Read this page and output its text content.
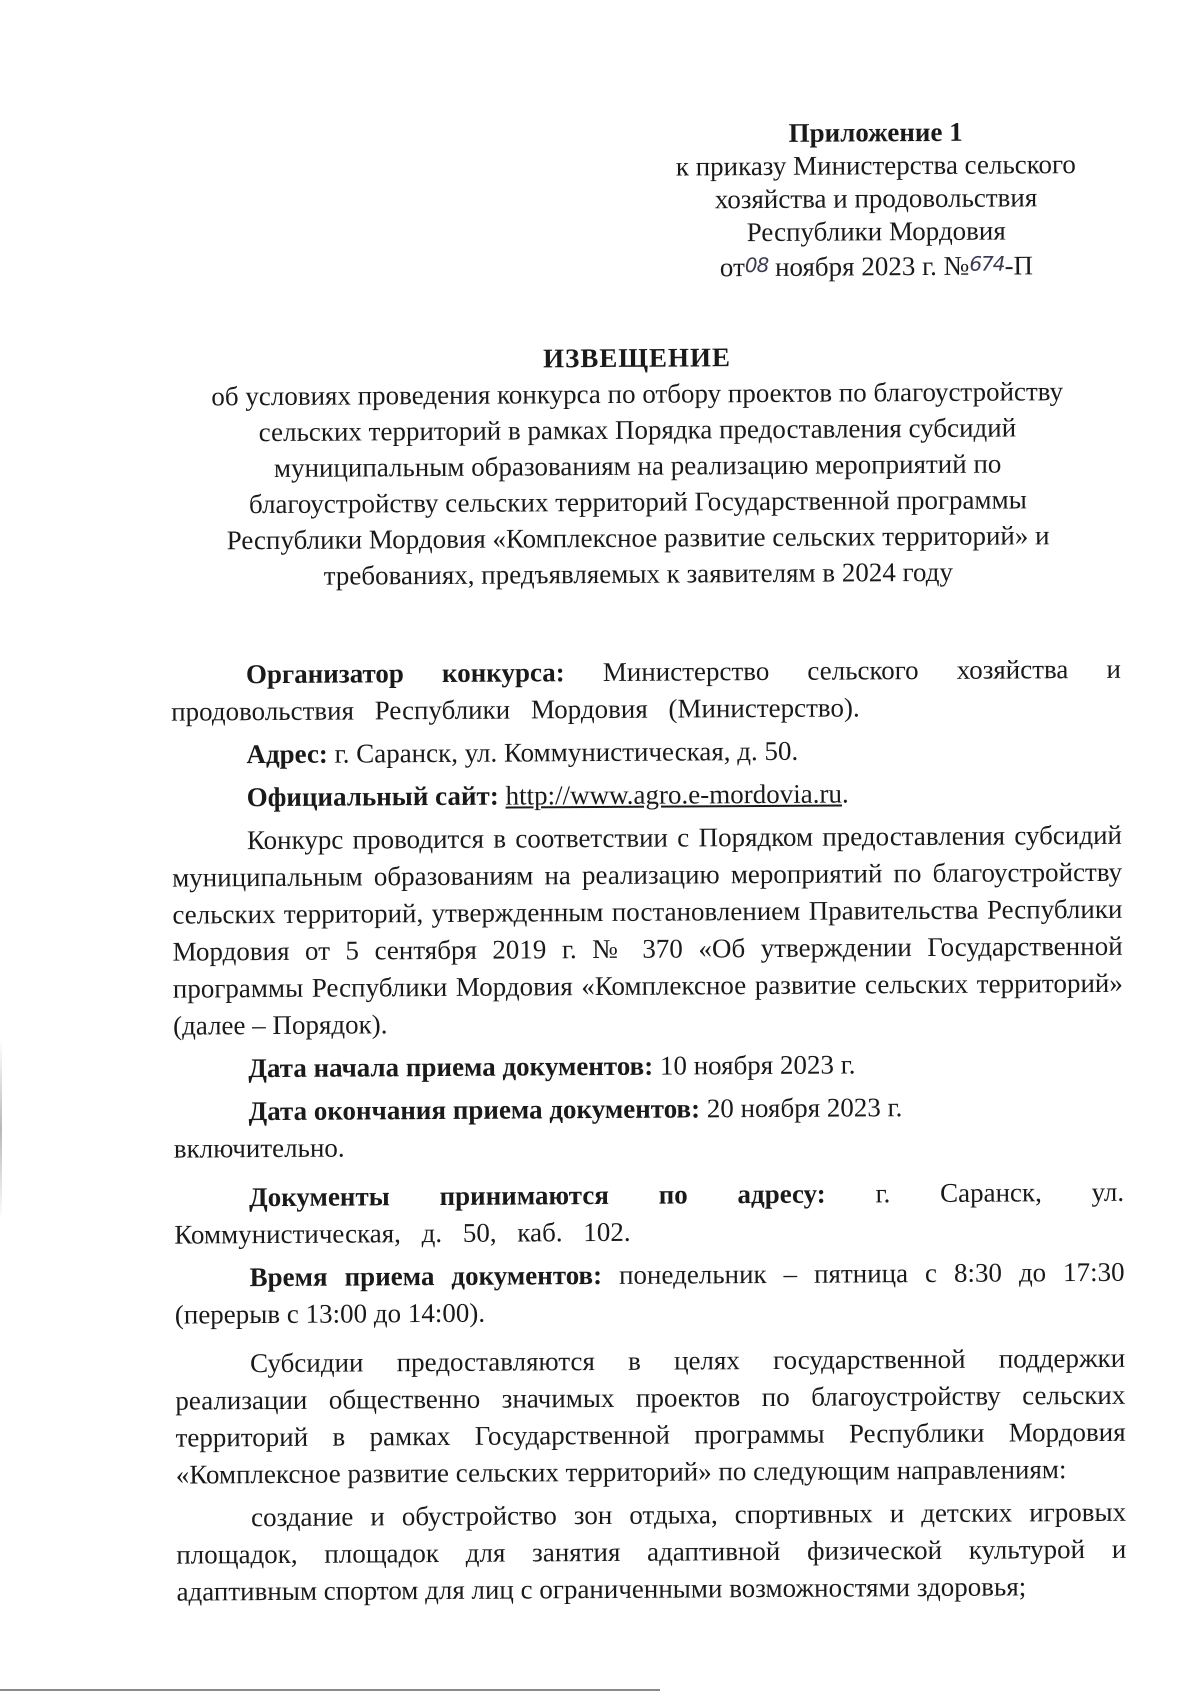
Приложение 1
к приказу Министерства сельского
хозяйства и продовольствия
Республики Мордовия
от08 ноября 2023 г. №674-П
ИЗВЕЩЕНИЕ
об условиях проведения конкурса по отбору проектов по благоустройству
сельских территорий в рамках Порядка предоставления субсидий
муниципальным образованиям на реализацию мероприятий по
благоустройству сельских территорий Государственной программы
Республики Мордовия «Комплексное развитие сельских территорий» и
требованиях, предъявляемых к заявителям в 2024 году

Организатор конкурса: Министерство сельского хозяйства и продовольствия Республики Мордовия (Министерство).

Адрес: г. Саранск, ул. Коммунистическая, д. 50.

Официальный сайт: http://www.agro.e-mordovia.ru.

Конкурс проводится в соответствии с Порядком предоставления субсидий муниципальным образованиям на реализацию мероприятий по благоустройству сельских территорий, утвержденным постановлением Правительства Республики Мордовия от 5 сентября 2019 г. № 370 «Об утверждении Государственной программы Республики Мордовия «Комплексное развитие сельских территорий» (далее – Порядок).

Дата начала приема документов: 10 ноября 2023 г.

Дата окончания приема документов: 20 ноября 2023 г.

включительно.

Документы принимаются по адресу: г. Саранск, ул. Коммунистическая, д. 50, каб. 102.

Время приема документов: понедельник – пятница с 8:30 до 17:30 (перерыв с 13:00 до 14:00).

Субсидии предоставляются в целях государственной поддержки реализации общественно значимых проектов по благоустройству сельских территорий в рамках Государственной программы Республики Мордовия «Комплексное развитие сельских территорий» по следующим направлениям:

создание и обустройство зон отдыха, спортивных и детских игровых площадок, площадок для занятия адаптивной физической культурой и адаптивным спортом для лиц с ограниченными возможностями здоровья;
